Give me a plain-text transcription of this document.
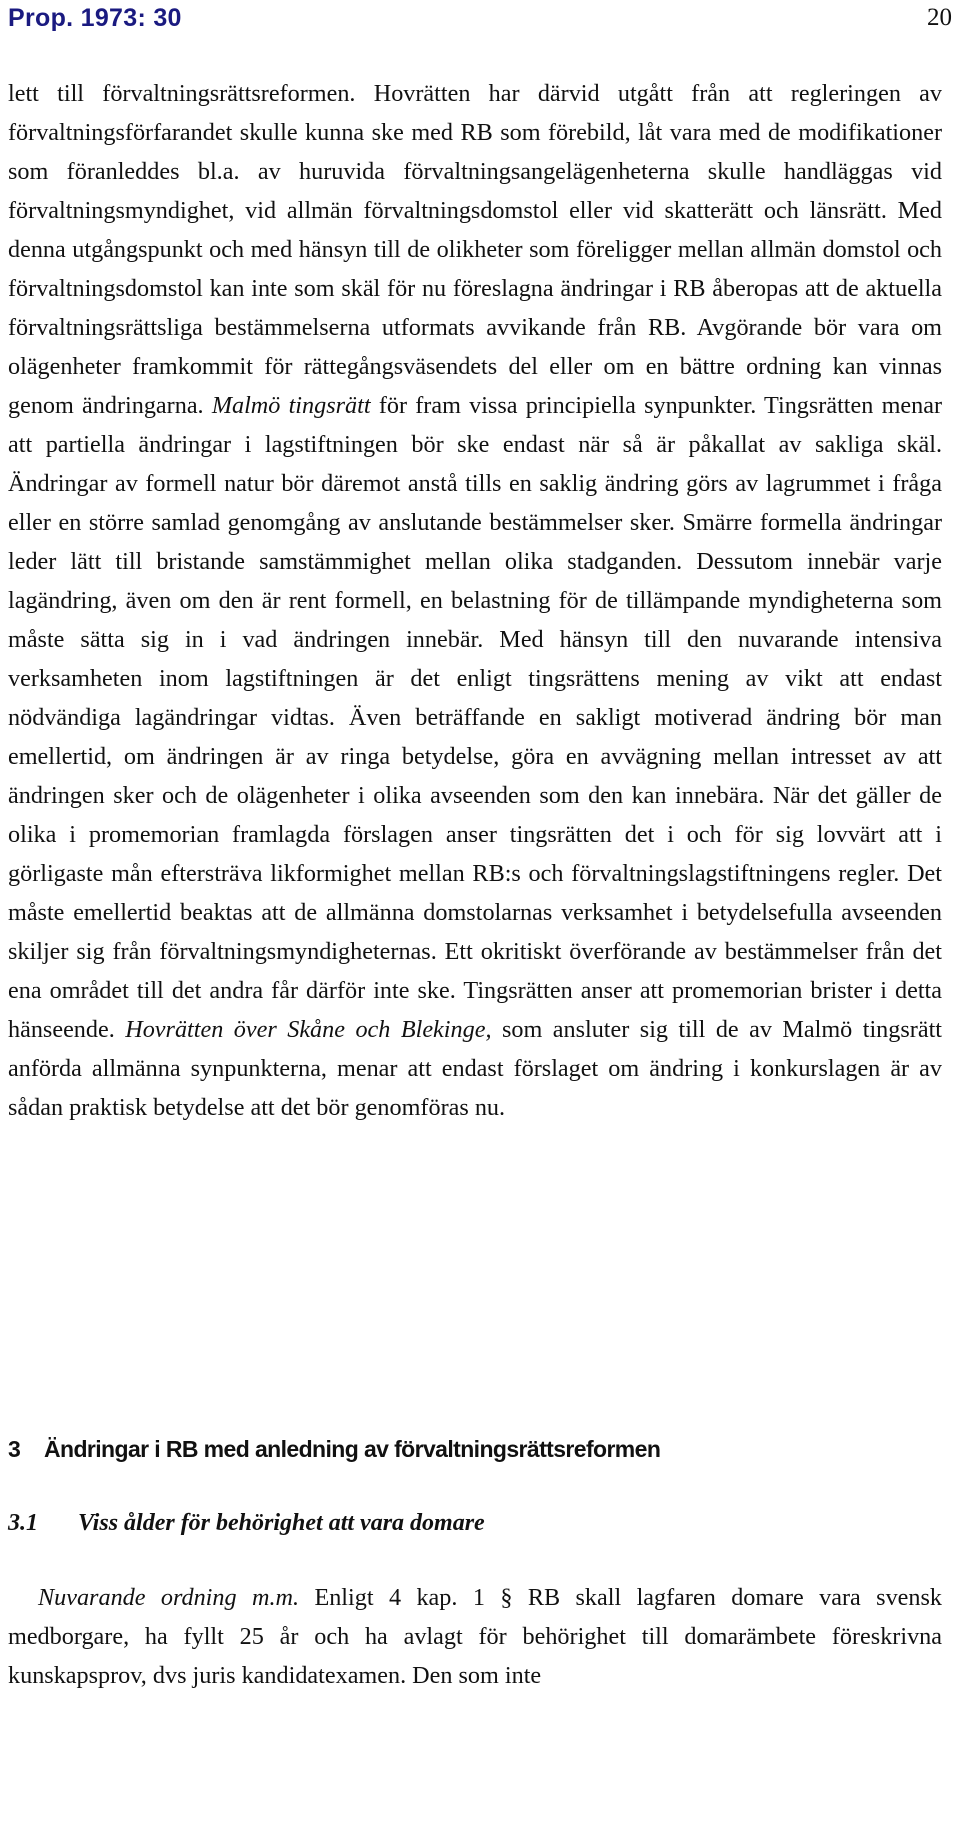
Prop. 1973: 30	20

lett till förvaltningsrättsreformen. Hovrätten har därvid utgått från att regleringen av förvaltningsförfarandet skulle kunna ske med RB som förebild, låt vara med de modifikationer som föranleddes bl.a. av huruvida förvaltningsangelägenheterna skulle handläggas vid förvaltningsmyndighet, vid allmän förvaltningsdomstol eller vid skatterätt och länsrätt. Med denna utgångspunkt och med hänsyn till de olikheter som föreligger mellan allmän domstol och förvaltningsdomstol kan inte som skäl för nu föreslagna ändringar i RB åberopas att de aktuella förvaltningsrättsliga bestämmelserna utformats avvikande från RB. Avgörande bör vara om olägenheter framkommit för rättegångsväsendets del eller om en bättre ordning kan vinnas genom ändringarna. Malmö tingsrätt för fram vissa principiella synpunkter. Tingsrätten menar att partiella ändringar i lagstiftningen bör ske endast när så är påkallat av sakliga skäl. Ändringar av formell natur bör däremot anstå tills en saklig ändring görs av lagrummet i fråga eller en större samlad genomgång av anslutande bestämmelser sker. Smärre formella ändringar leder lätt till bristande samstämmighet mellan olika stadganden. Dessutom innebär varje lagändring, även om den är rent formell, en belastning för de tillämpande myndigheterna som måste sätta sig in i vad ändringen innebär. Med hänsyn till den nuvarande intensiva verksamheten inom lagstiftningen är det enligt tingsrättens mening av vikt att endast nödvändiga lagändringar vidtas. Även beträffande en sakligt motiverad ändring bör man emellertid, om ändringen är av ringa betydelse, göra en avvägning mellan intresset av att ändringen sker och de olägenheter i olika avseenden som den kan innebära. När det gäller de olika i promemorian framlagda förslagen anser tingsrätten det i och för sig lovvärt att i görligaste mån eftersträva likformighet mellan RB:s och förvaltningslagstiftningens regler. Det måste emellertid beaktas att de allmänna domstolarnas verksamhet i betydelsefulla avseenden skiljer sig från förvaltningsmyndigheternas. Ett okritiskt överförande av bestämmelser från det ena området till det andra får därför inte ske. Tingsrätten anser att promemorian brister i detta hänseende. Hovrätten över Skåne och Blekinge, som ansluter sig till de av Malmö tingsrätt anförda allmänna synpunkterna, menar att endast förslaget om ändring i konkurslagen är av sådan praktisk betydelse att det bör genomföras nu.

3 Ändringar i RB med anledning av förvaltningsrättsreformen
3.1 Viss ålder för behörighet att vara domare

Nuvarande ordning m.m. Enligt 4 kap. 1 § RB skall lagfaren domare vara svensk medborgare, ha fyllt 25 år och ha avlagt för behörighet till domarämbete föreskrivna kunskapsprov, dvs juris kandidatexamen. Den som inte
